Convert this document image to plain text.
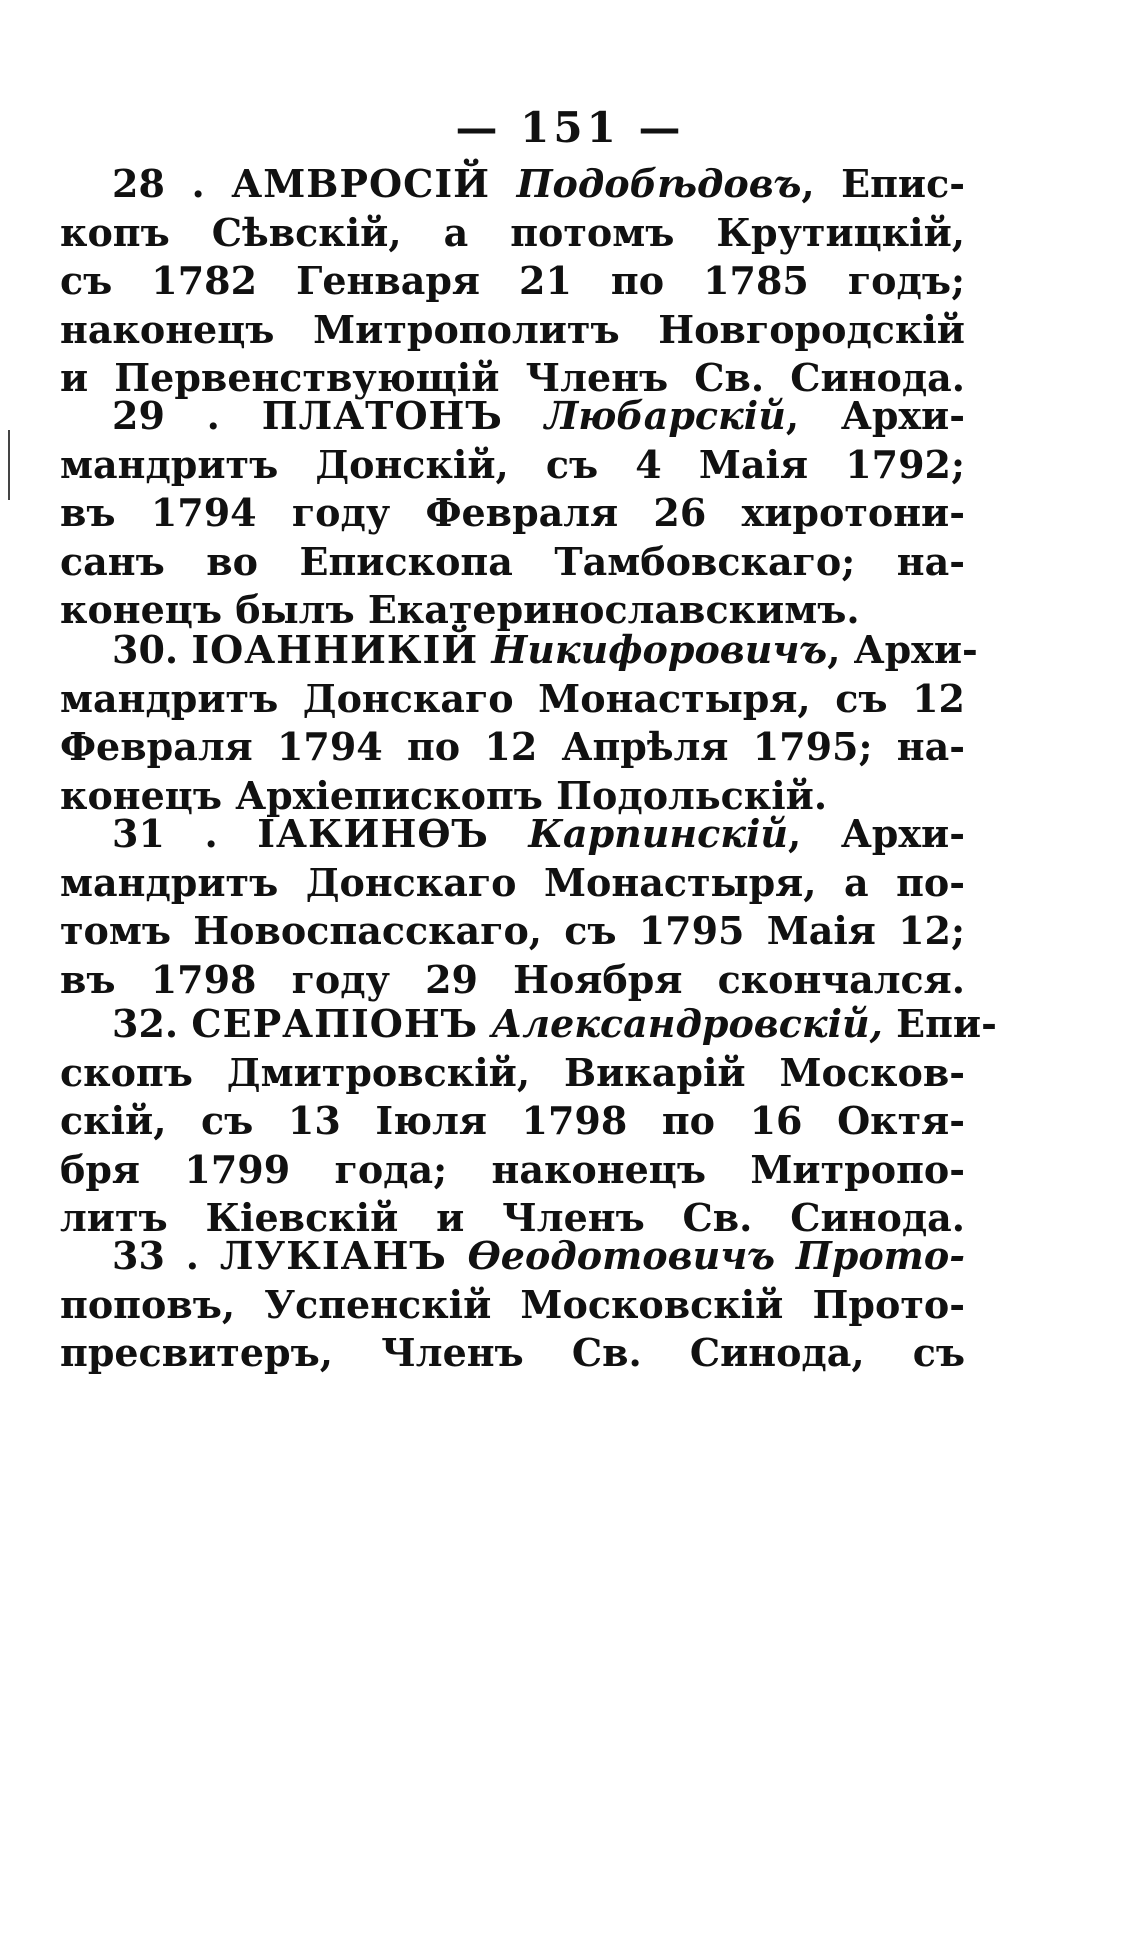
— 151 —
28 . АМВРОСІЙ Подобѣдовъ, Епис-
копъ Сѣвскій, а потомъ Крутицкій,
съ 1782 Генваря 21 по 1785 годъ;
наконецъ Митрополитъ Новгородскій
и Первенствующій Членъ Св. Синода.
29 . ПЛАТОНЪ Любарскій, Архи-
мандритъ Донскій, съ 4 Маія 1792;
въ 1794 году Февраля 26 хиротони-
санъ во Епископа Тамбовскаго; на-
конецъ былъ Екатеринославскимъ.
30. ІОАННИКІЙ Никифоровичъ, Архи-
мандритъ Донскаго Монастыря, съ 12
Февраля 1794 по 12 Апрѣля 1795; на-
конецъ Архіепископъ Подольскій.
31 . ІАКИНѲЪ Карпинскій, Архи-
мандритъ Донскаго Монастыря, а по-
томъ Новоспасскаго, съ 1795 Маія 12;
въ 1798 году 29 Ноября скончался.
32. СЕРАПІОНЪ Александровскій, Епи-
скопъ Дмитровскій, Викарій Москов-
скій, съ 13 Іюля 1798 по 16 Октя-
бря 1799 года; наконецъ Митропо-
литъ Кіевскій и Членъ Св. Синода.
33 . ЛУКІАНЪ Ѳеодотовичъ Прото-
поповъ, Успенскій Московскій Прото-
пресвитеръ, Членъ Св. Синода, съ
